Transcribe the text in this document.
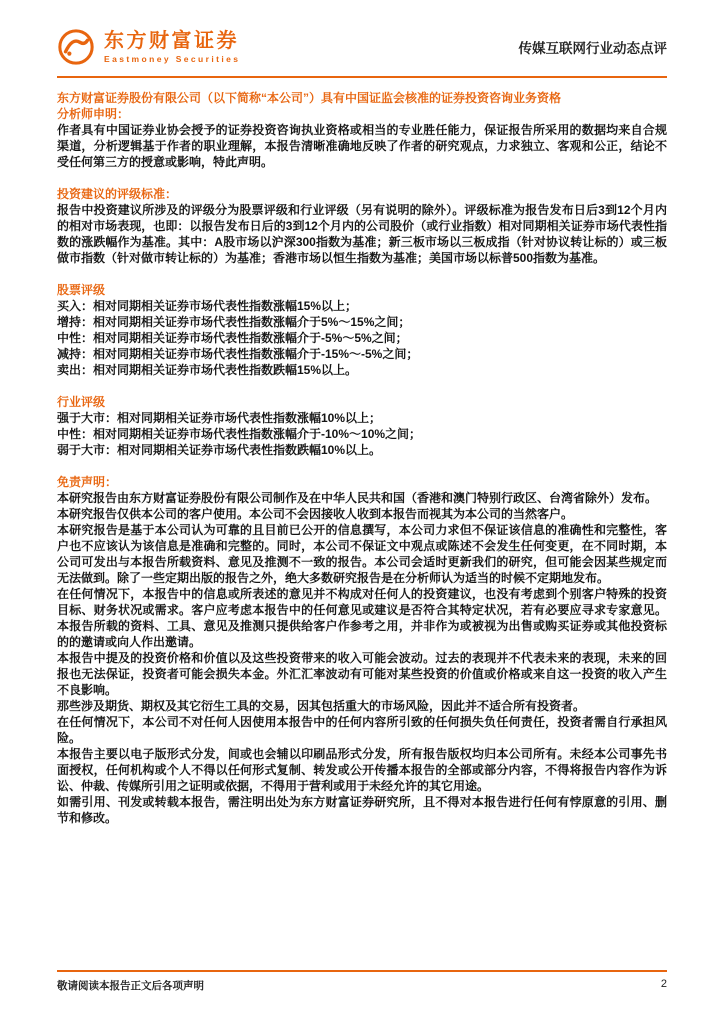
东方财富证券
Eastmoney Securities
传媒互联网行业动态点评

东方财富证券股份有限公司（以下简称“本公司”）具有中国证监会核准的证券投资咨询业务资格

分析师申明：

作者具有中国证券业协会授予的证券投资咨询执业资格或相当的专业胜任能力，保证报告所采用的数据均来自合规渠道，分析逻辑基于作者的职业理解，本报告清晰准确地反映了作者的研究观点，力求独立、客观和公正，结论不受任何第三方的授意或影响，特此声明。

投资建议的评级标准：

报告中投资建议所涉及的评级分为股票评级和行业评级（另有说明的除外）。评级标准为报告发布日后3到12个月内的相对市场表现，也即：以报告发布日后的3到12个月内的公司股价（或行业指数）相对同期相关证券市场代表性指数的涨跌幅作为基准。其中：A股市场以沪深300指数为基准；新三板市场以三板成指（针对协议转让标的）或三板做市指数（针对做市转让标的）为基准；香港市场以恒生指数为基准；美国市场以标普500指数为基准。

股票评级

买入：相对同期相关证券市场代表性指数涨幅15%以上；

增持：相对同期相关证券市场代表性指数涨幅介于5%～15%之间；

中性：相对同期相关证券市场代表性指数涨幅介于-5%～5%之间；

减持：相对同期相关证券市场代表性指数涨幅介于-15%～-5%之间；

卖出：相对同期相关证券市场代表性指数跌幅15%以上。

行业评级

强于大市：相对同期相关证券市场代表性指数涨幅10%以上；

中性：相对同期相关证券市场代表性指数涨幅介于-10%～10%之间；

弱于大市：相对同期相关证券市场代表性指数跌幅10%以上。

免责声明：

本研究报告由东方财富证券股份有限公司制作及在中华人民共和国（香港和澳门特别行政区、台湾省除外）发布。

本研究报告仅供本公司的客户使用。本公司不会因接收人收到本报告而视其为本公司的当然客户。

本研究报告是基于本公司认为可靠的且目前已公开的信息撰写，本公司力求但不保证该信息的准确性和完整性，客户也不应该认为该信息是准确和完整的。同时，本公司不保证文中观点或陈述不会发生任何变更，在不同时期，本公司可发出与本报告所载资料、意见及推测不一致的报告。本公司会适时更新我们的研究，但可能会因某些规定而无法做到。除了一些定期出版的报告之外，绝大多数研究报告是在分析师认为适当的时候不定期地发布。

在任何情况下，本报告中的信息或所表述的意见并不构成对任何人的投资建议，也没有考虑到个别客户特殊的投资目标、财务状况或需求。客户应考虑本报告中的任何意见或建议是否符合其特定状况，若有必要应寻求专家意见。本报告所载的资料、工具、意见及推测只提供给客户作参考之用，并非作为或被视为出售或购买证券或其他投资标的的邀请或向人作出邀请。

本报告中提及的投资价格和价值以及这些投资带来的收入可能会波动。过去的表现并不代表未来的表现，未来的回报也无法保证，投资者可能会损失本金。外汇汇率波动有可能对某些投资的价值或价格或来自这一投资的收入产生不良影响。

那些涉及期货、期权及其它衍生工具的交易，因其包括重大的市场风险，因此并不适合所有投资者。

在任何情况下，本公司不对任何人因使用本报告中的任何内容所引致的任何损失负任何责任，投资者需自行承担风险。

本报告主要以电子版形式分发，间或也会辅以印刷品形式分发，所有报告版权均归本公司所有。未经本公司事先书面授权，任何机构或个人不得以任何形式复制、转发或公开传播本报告的全部或部分内容，不得将报告内容作为诉讼、仲裁、传媒所引用之证明或依据，不得用于营利或用于未经允许的其它用途。

如需引用、刊发或转载本报告，需注明出处为东方财富证券研究所，且不得对本报告进行任何有悖原意的引用、删节和修改。

敬请阅读本报告正文后各项声明	2
